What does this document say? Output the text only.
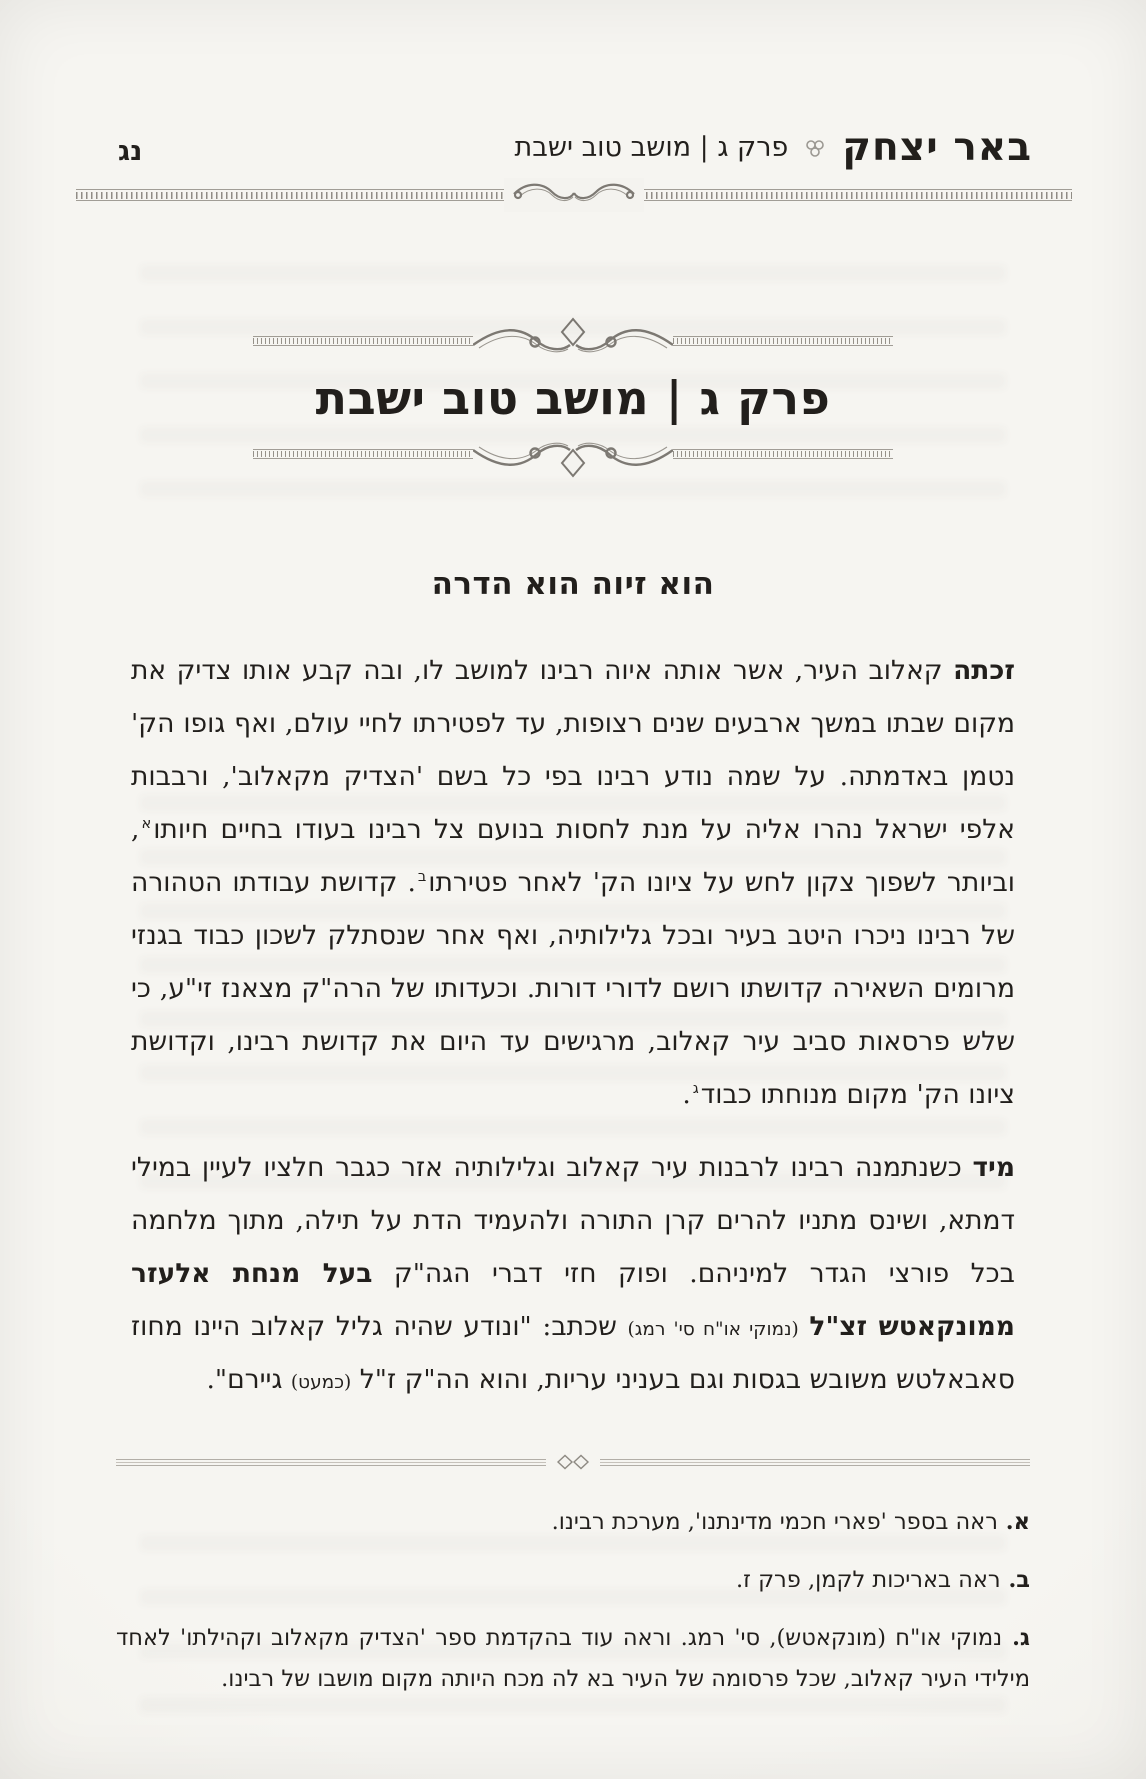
באר יצחק
פרק ג | מושב טוב ישבת
נג
פרק ג | מושב טוב ישבת
הוא זיוה הוא הדרה

זכתה קאלוב העיר, אשר אותה איוה רבינו למושב לו, ובה קבע אותו צדיק את מקום שבתו במשך ארבעים שנים רצופות, עד לפטירתו לחיי עולם, ואף גופו הק' נטמן באדמתה. על שמה נודע רבינו בפי כל בשם 'הצדיק מקאלוב', ורבבות אלפי ישראל נהרו אליה על מנת לחסות בנועם צל רבינו בעודו בחיים חיותו$^א$, וביותר לשפוך צקון לחש על ציונו הק' לאחר פטירתו$^ב$. קדושת עבודתו הטהורה של רבינו ניכרו היטב בעיר ובכל גלילותיה, ואף אחר שנסתלק לשכון כבוד בגנזי מרומים השאירה קדושתו רושם לדורי דורות. וכעדותו של הרה"ק מצאנז זי"ע, כי שלש פרסאות סביב עיר קאלוב, מרגישים עד היום את קדושת רבינו, וקדושת ציונו הק' מקום מנוחתו כבוד$^ג$.

מיד כשנתמנה רבינו לרבנות עיר קאלוב וגלילותיה אזר כגבר חלציו לעיין במילי דמתא, ושינס מתניו להרים קרן התורה ולהעמיד הדת על תילה, מתוך מלחמה בכל פורצי הגדר למיניהם. ופוק חזי דברי הגה"ק בעל מנחת אלעזר ממונקאטש זצ"ל (נמוקי או"ח סי' רמג) שכתב: "ונודע שהיה גליל קאלוב היינו מחוז סאבאלטש משובש בגסות וגם בעניני עריות, והוא הה"ק ז"ל (כמעט) גיירם".

א. ראה בספר 'פארי חכמי מדינתנו', מערכת רבינו.
ב. ראה באריכות לקמן, פרק ז.
ג. נמוקי או"ח (מונקאטש), סי' רמג. וראה עוד בהקדמת ספר 'הצדיק מקאלוב וקהילתו' לאחד מילידי העיר קאלוב, שכל פרסומה של העיר בא לה מכח היותה מקום מושבו של רבינו.
